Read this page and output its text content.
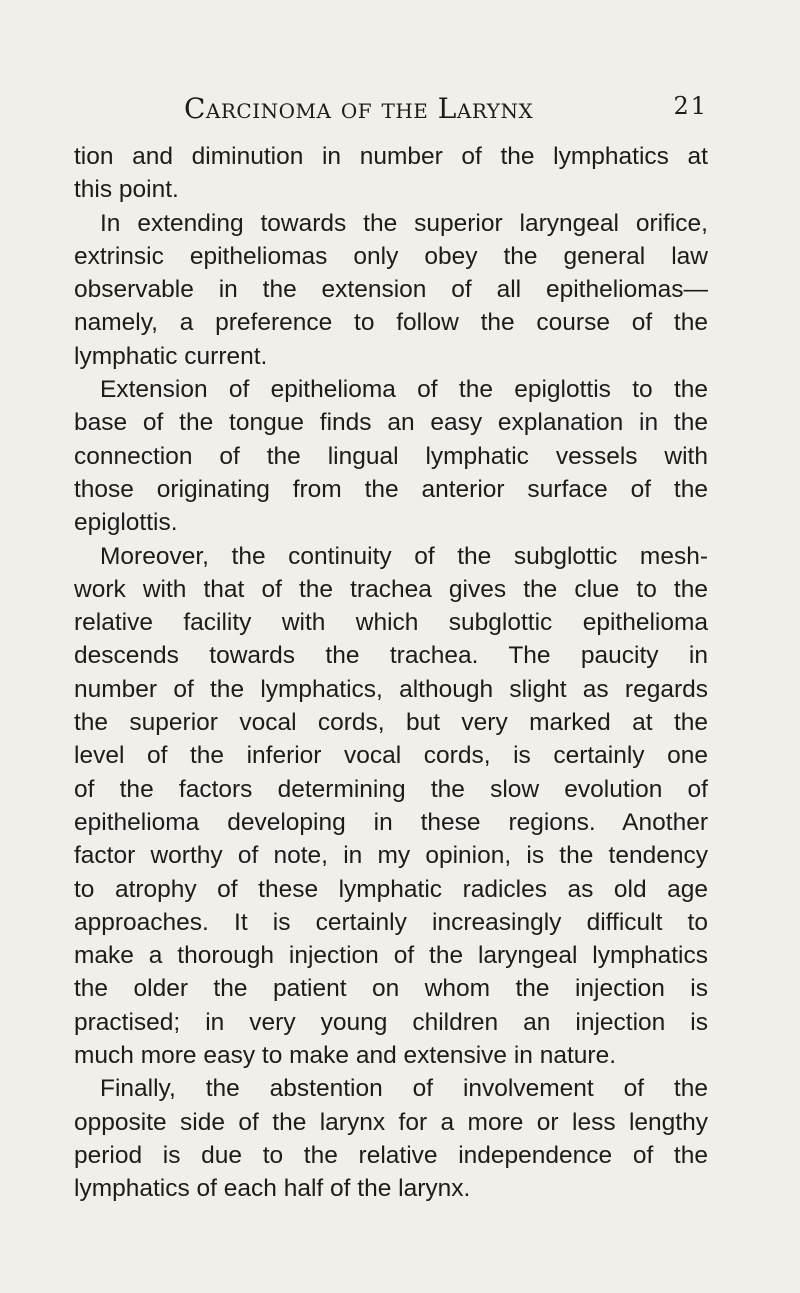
Carcinoma of the Larynx	21
tion and diminution in number of the lymphatics at
this point.
In extending towards the superior laryngeal orifice,
extrinsic epitheliomas only obey the general law
observable in the extension of all epitheliomas—
namely, a preference to follow the course of the
lymphatic current.
Extension of epithelioma of the epiglottis to the
base of the tongue finds an easy explanation in the
connection of the lingual lymphatic vessels with
those originating from the anterior surface of the
epiglottis.
Moreover, the continuity of the subglottic mesh-
work with that of the trachea gives the clue to the
relative facility with which subglottic epithelioma
descends towards the trachea. The paucity in
number of the lymphatics, although slight as regards
the superior vocal cords, but very marked at the
level of the inferior vocal cords, is certainly one
of the factors determining the slow evolution of
epithelioma developing in these regions. Another
factor worthy of note, in my opinion, is the tendency
to atrophy of these lymphatic radicles as old age
approaches. It is certainly increasingly difficult to
make a thorough injection of the laryngeal lymphatics
the older the patient on whom the injection is
practised; in very young children an injection is
much more easy to make and extensive in nature.
Finally, the abstention of involvement of the
opposite side of the larynx for a more or less lengthy
period is due to the relative independence of the
lymphatics of each half of the larynx.
